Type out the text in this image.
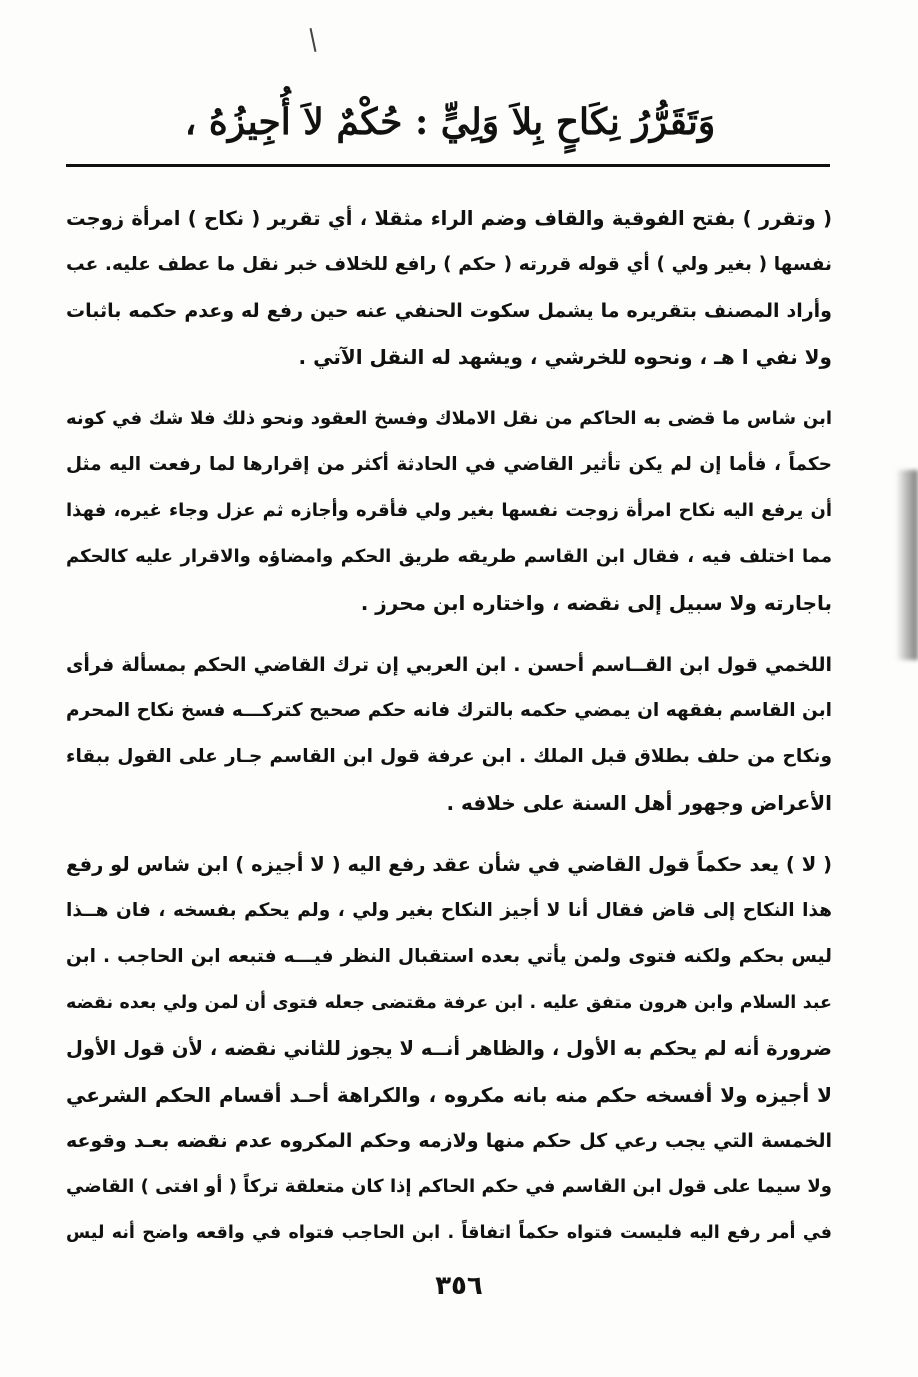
وَتَقَرُّرُ نِكَاحٍ بِلاَ وَلِيٍّ : حُكْمٌ لاَ أُجِيزُهُ ،

( وتقرر ) بفتح الفوقية والقاف وضم الراء مثقلا ، أي تقرير ( نكاح ) امرأة زوجت
نفسها ( بغير ولي ) أي قوله قررته ( حكم ) رافع للخلاف خبر نقل ما عطف عليه. عب
وأراد المصنف بتقريره ما يشمل سكوت الحنفي عنه حين رفع له وعدم حكمه باثبات
ولا نفي ا هـ ، ونحوه للخرشي ، ويشهد له النقل الآتي .

ابن شاس ما قضى به الحاكم من نقل الاملاك وفسخ العقود ونحو ذلك فلا شك في كونه
حكماً ، فأما إن لم يكن تأثير القاضي في الحادثة أكثر من إقرارها لما رفعت اليه مثل
أن يرفع اليه نكاح امرأة زوجت نفسها بغير ولي فأقره وأجازه ثم عزل وجاء غيره، فهذا
مما اختلف فيه ، فقال ابن القاسم طريقه طريق الحكم وامضاؤه والاقرار عليه كالحكم
باجارته ولا سبيل إلى نقضه ، واختاره ابن محرز .

اللخمي قول ابن القــاسم أحسن . ابن العربي إن ترك القاضي الحكم بمسألة فرأى
ابن القاسم بفقهه ان يمضي حكمه بالترك فانه حكم صحيح كتركـــه فسخ نكاح المحرم
ونكاح من حلف بطلاق قبل الملك . ابن عرفة قول ابن القاسم جـار على القول ببقاء
الأعراض وجهور أهل السنة على خلافه .

( لا ) يعد حكماً قول القاضي في شأن عقد رفع اليه ( لا أجيزه ) ابن شاس لو رفع
هذا النكاح إلى قاض فقال أنا لا أجيز النكاح بغير ولي ، ولم يحكم بفسخه ، فان هــذا
ليس بحكم ولكنه فتوى ولمن يأتي بعده استقبال النظر فيـــه فتبعه ابن الحاجب . ابن
عبد السلام وابن هرون متفق عليه . ابن عرفة مقتضى جعله فتوى أن لمن ولي بعده نقضه
ضرورة أنه لم يحكم به الأول ، والظاهر أنــه لا يجوز للثاني نقضه ، لأن قول الأول
لا أجيزه ولا أفسخه حكم منه بانه مكروه ، والكراهة أحـد أقسام الحكم الشرعي
الخمسة التي يجب رعي كل حكم منها ولازمه وحكم المكروه عدم نقضه بعـد وقوعه
ولا سيما على قول ابن القاسم في حكم الحاكم إذا كان متعلقة تركاً ( أو افتى ) القاضي
في أمر رفع اليه فليست فتواه حكماً اتفاقاً . ابن الحاجب فتواه في واقعه واضح أنه ليس

٣٥٦
